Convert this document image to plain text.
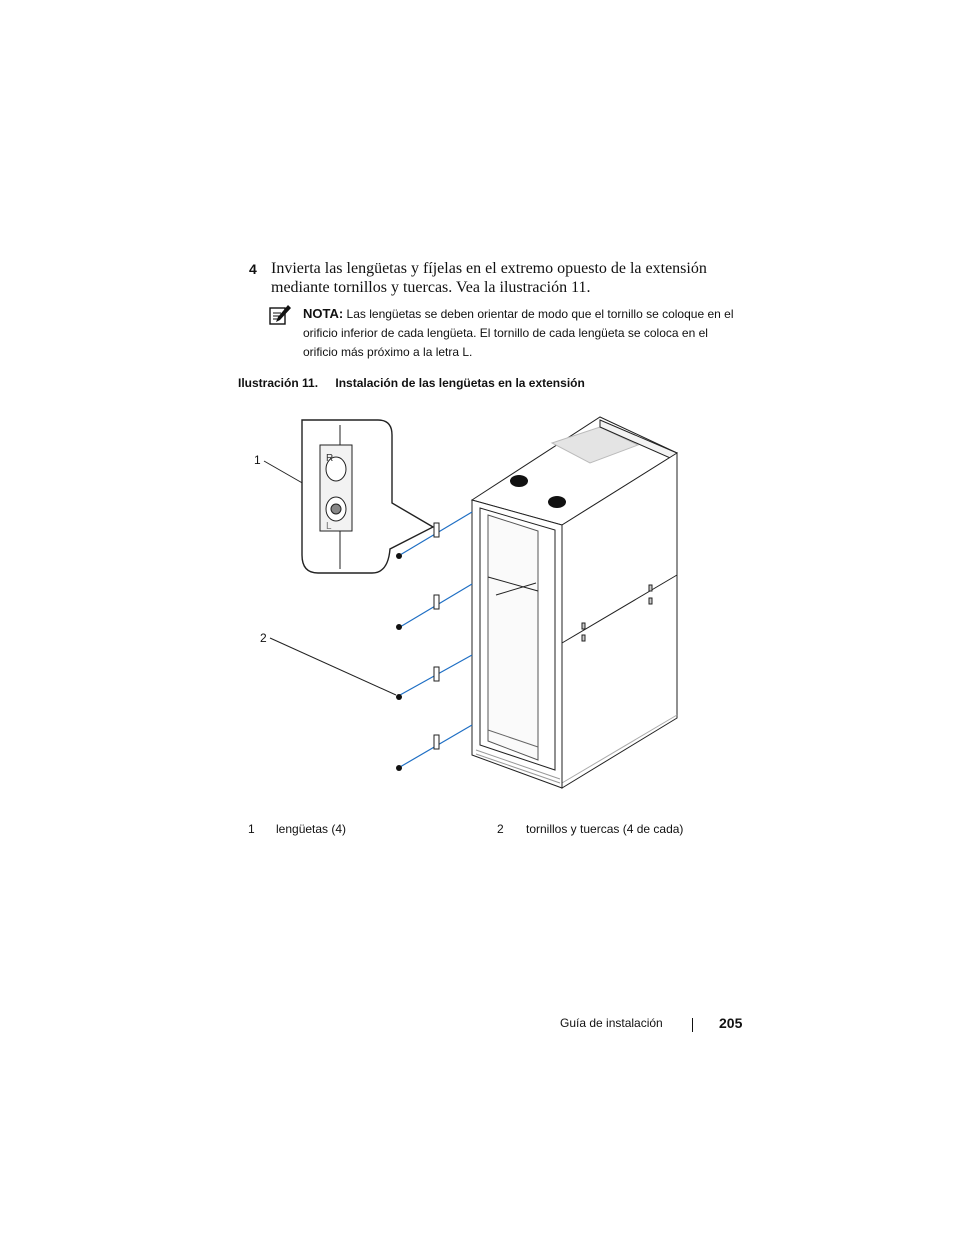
4 Invierta las lengüetas y fíjelas en el extremo opuesto de la extensión mediante tornillos y tuercas. Vea la ilustración 11.
NOTA: Las lengüetas se deben orientar de modo que el tornillo se coloque en el orificio inferior de cada lengüeta. El tornillo de cada lengüeta se coloca en el orificio más próximo a la letra L.
Ilustración 11. Instalación de las lengüetas en la extensión
1
2
R
L
1 lengüetas (4)	2 tornillos y tuercas (4 de cada)
Guía de instalación	205
